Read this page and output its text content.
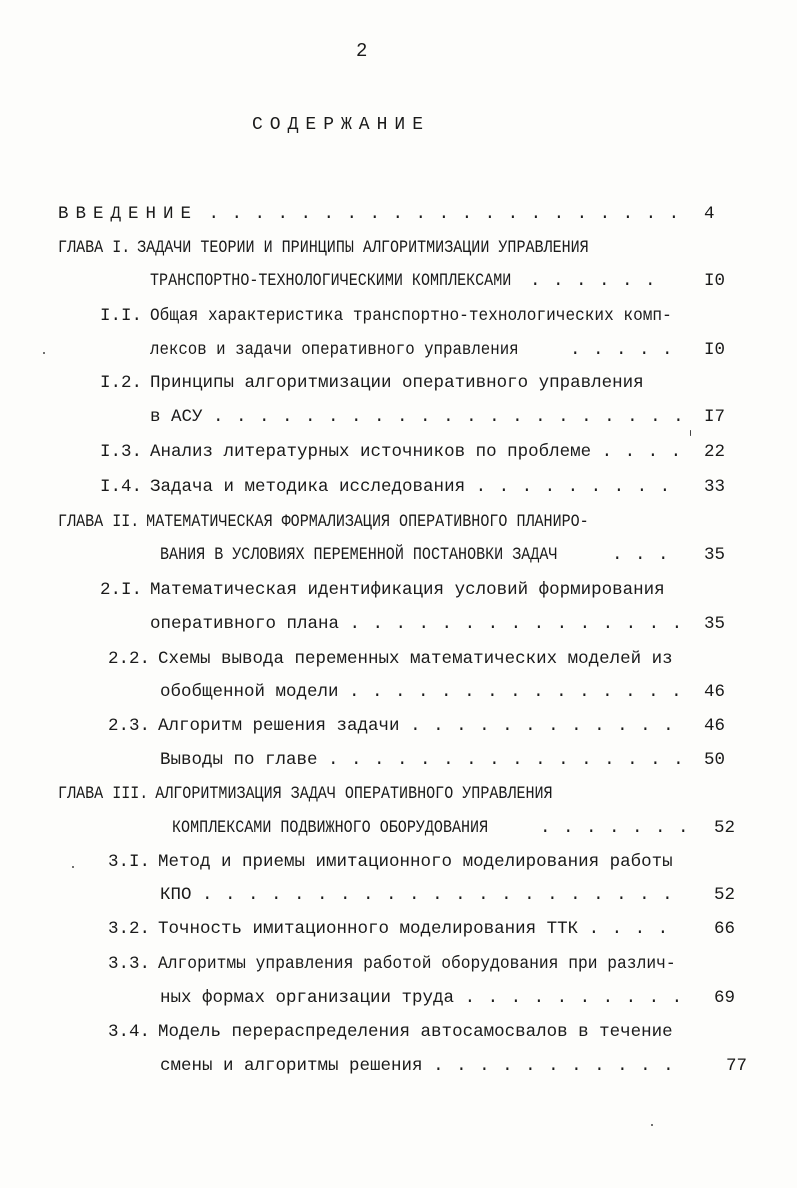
2
СОДЕРЖАНИЕ
ВВЕДЕНИЕ . . . . . . . . . . . . . . . . . . . . . 4
ГЛАВА I. ЗАДАЧИ ТЕОРИИ И ПРИНЦИПЫ АЛГОРИТМИЗАЦИИ УПРАВЛЕНИЯ
ТРАНСПОРТНО-ТЕХНОЛОГИЧЕСКИМИ КОМПЛЕКСАМИ . . . . . .	I0
I.I. Общая характеристика транспортно-технологических комп-
лексов и задачи оперативного управления	. . . . . I0
I.2. Принципы алгоритмизации оперативного управления
в АСУ . . . . . . . . . . . . . . . . . . . . . I7
I.3. Анализ литературных источников по проблеме . . . . 22
I.4. Задача и методика исследования . . . . . . . . . 33
ГЛАВА II. МАТЕМАТИЧЕСКАЯ ФОРМАЛИЗАЦИЯ ОПЕРАТИВНОГО ПЛАНИРО-
ВАНИЯ В УСЛОВИЯХ ПЕРЕМЕННОЙ ПОСТАНОВКИ ЗАДАЧ	. . . 35
2.I. Математическая идентификация условий формирования
оперативного плана . . . . . . . . . . . . . . . 35
2.2. Схемы вывода переменных математических моделей из
обобщенной модели . . . . . . . . . . . . . . . 46
2.3. Алгоритм решения задачи . . . . . . . . . . . . 46
Выводы по главе . . . . . . . . . . . . . . . . 50
ГЛАВА III. АЛГОРИТМИЗАЦИЯ ЗАДАЧ ОПЕРАТИВНОГО УПРАВЛЕНИЯ
КОМПЛЕКСАМИ ПОДВИЖНОГО ОБОРУДОВАНИЯ	. . . . . . . 52
3.I. Метод и приемы имитационного моделирования работы
КПО . . . . . . . . . . . . . . . . . . . . . 52
3.2. Точность имитационного моделирования ТТК . . . .	66
3.3. Алгоритмы управления работой оборудования при различ-
ных формах организации труда . . . . . . . . . . 69
3.4. Модель перераспределения автосамосвалов в течение
смены и алгоритмы решения . . . . . . . . . . .	77
